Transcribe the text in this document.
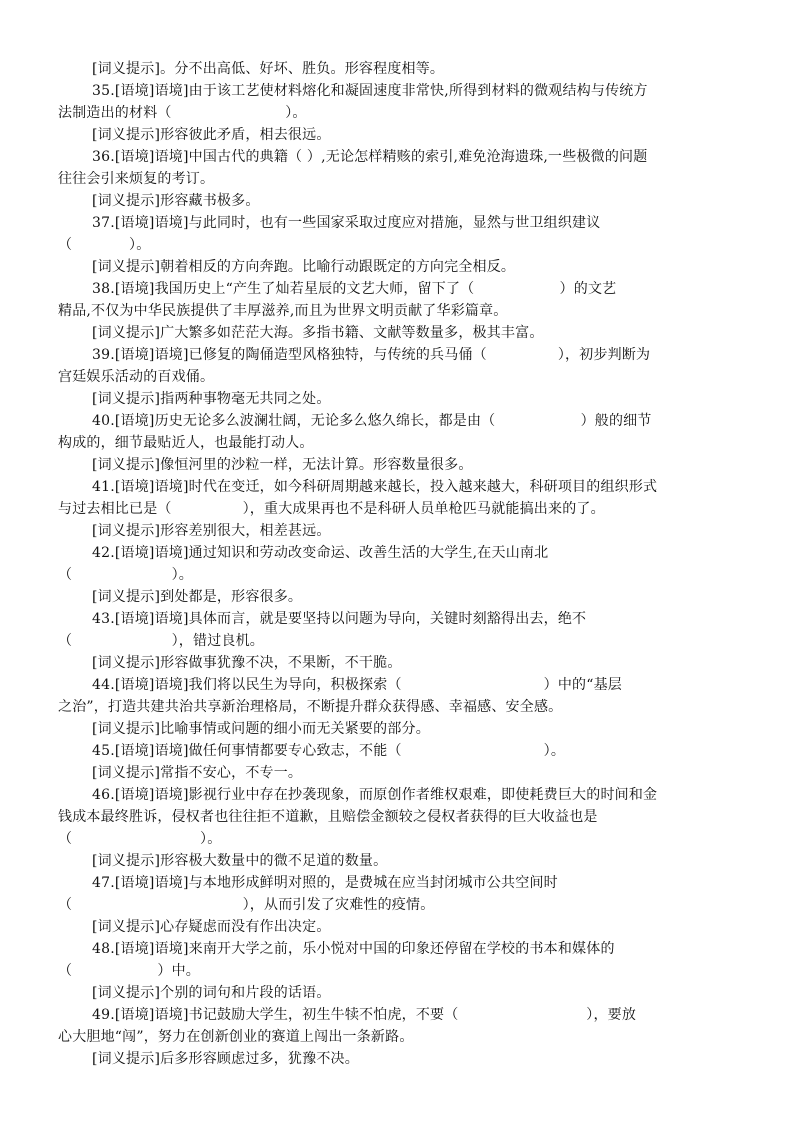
[词义提示]。分不出高低、好坏、胜负。形容程度相等。
35.[语境]语境]由于该工艺使材料熔化和凝固速度非常快,所得到材料的微观结构与传统方
法制造出的材料（　　　　　　　　）。
[词义提示]形容彼此矛盾，相去很远。
36.[语境]语境]中国古代的典籍（ ）,无论怎样精赅的索引,难免沧海遗珠,一些极微的问题
往往会引来烦复的考订。
[词义提示]形容藏书极多。
37.[语境]语境]与此同时，也有一些国家采取过度应对措施，显然与世卫组织建议
（　　　　）。
[词义提示]朝着相反的方向奔跑。比喻行动跟既定的方向完全相反。
38.[语境]我国历史上“产生了灿若星辰的文艺大师，留下了（　　　　　　）的文艺
精品,不仅为中华民族提供了丰厚滋养,而且为世界文明贡献了华彩篇章。
[词义提示]广大繁多如茫茫大海。多指书籍、文献等数量多，极其丰富。
39.[语境]语境]已修复的陶俑造型风格独特，与传统的兵马俑（　　　　　），初步判断为
宫廷娱乐活动的百戏俑。
[词义提示]指两种事物毫无共同之处。
40.[语境]历史无论多么波澜壮阔，无论多么悠久绵长，都是由（　　　　　　）般的细节
构成的，细节最贴近人，也最能打动人。
[词义提示]像恒河里的沙粒一样，无法计算。形容数量很多。
41.[语境]语境]时代在变迁，如今科研周期越来越长，投入越来越大，科研项目的组织形式
与过去相比已是（　　　　　），重大成果再也不是科研人员单枪匹马就能搞出来的了。
[词义提示]形容差别很大，相差甚远。
42.[语境]语境]通过知识和劳动改变命运、改善生活的大学生,在天山南北
（　　　　　　　）。
[词义提示]到处都是，形容很多。
43.[语境]语境]具体而言，就是要坚持以问题为导向，关键时刻豁得出去，绝不
（　　　　　　　），错过良机。
[词义提示]形容做事犹豫不决，不果断，不干脆。
44.[语境]语境]我们将以民生为导向，积极探索（　　　　　　　　　　）中的“基层
之治”，打造共建共治共享新治理格局，不断提升群众获得感、幸福感、安全感。
[词义提示]比喻事情或问题的细小而无关紧要的部分。
45.[语境]语境]做任何事情都要专心致志，不能（　　　　　　　　　　）。
[词义提示]常指不安心，不专一。
46.[语境]语境]影视行业中存在抄袭现象，而原创作者维权艰难，即使耗费巨大的时间和金
钱成本最终胜诉，侵权者也往往拒不道歉，且赔偿金额较之侵权者获得的巨大收益也是
（　　　　　　　　　）。
[词义提示]形容极大数量中的微不足道的数量。
47.[语境]语境]与本地形成鲜明对照的，是费城在应当封闭城市公共空间时
（　　　　　　　　　　　　），从而引发了灾难性的疫情。
[词义提示]心存疑虑而没有作出决定。
48.[语境]语境]来南开大学之前，乐小悦对中国的印象还停留在学校的书本和媒体的
（　　　　　　）中。
[词义提示]个别的词句和片段的话语。
49.[语境]语境]书记鼓励大学生，初生牛犊不怕虎，不要（　　　　　　　　　），要放
心大胆地“闯”，努力在创新创业的赛道上闯出一条新路。
[词义提示]后多形容顾虑过多，犹豫不决。
